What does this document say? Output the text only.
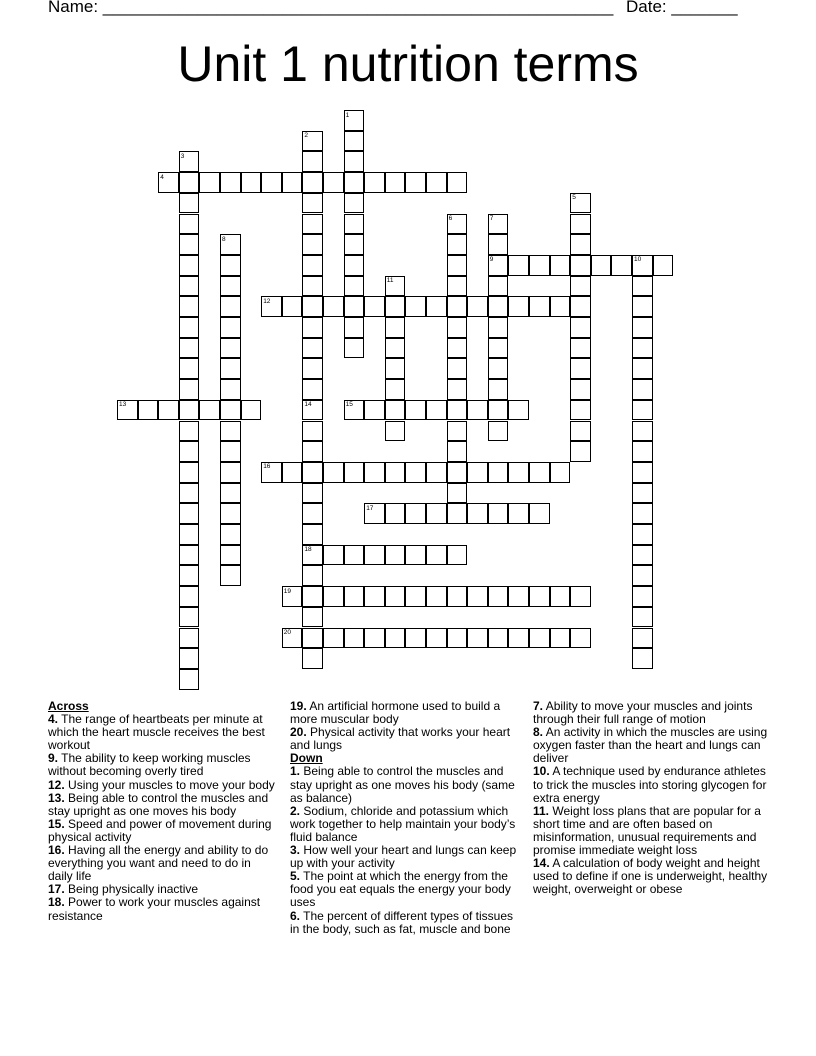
Name: ______________________________________________________ Date: _______
Unit 1 nutrition terms
1
2
3
4
5
6	7
9
8
10
11
12
13	14
18
15
16
17
19
20
Across
4. The range of heartbeats per minute at which the heart muscle receives the best workout
9. The ability to keep working muscles without becoming overly tired
12. Using your muscles to move your body
13. Being able to control the muscles and stay upright as one moves his body
15. Speed and power of movement during physical activity
16. Having all the energy and ability to do everything you want and need to do in daily life
17. Being physically inactive
18. Power to work your muscles against resistance
19. An artificial hormone used to build a more muscular body
20. Physical activity that works your heart and lungs
Down
1. Being able to control the muscles and stay upright as one moves his body (same as balance)
2. Sodium, chloride and potassium which work together to help maintain your body’s fluid balance
3. How well your heart and lungs can keep up with your activity
5. The point at which the energy from the food you eat equals the energy your body uses
6. The percent of different types of tissues in the body, such as fat, muscle and bone
7. Ability to move your muscles and joints through their full range of motion
8. An activity in which the muscles are using oxygen faster than the heart and lungs can deliver
10. A technique used by endurance athletes to trick the muscles into storing glycogen for extra energy
11. Weight loss plans that are popular for a short time and are often based on misinformation, unusual requirements and promise immediate weight loss
14. A calculation of body weight and height used to define if one is underweight, healthy weight, overweight or obese
